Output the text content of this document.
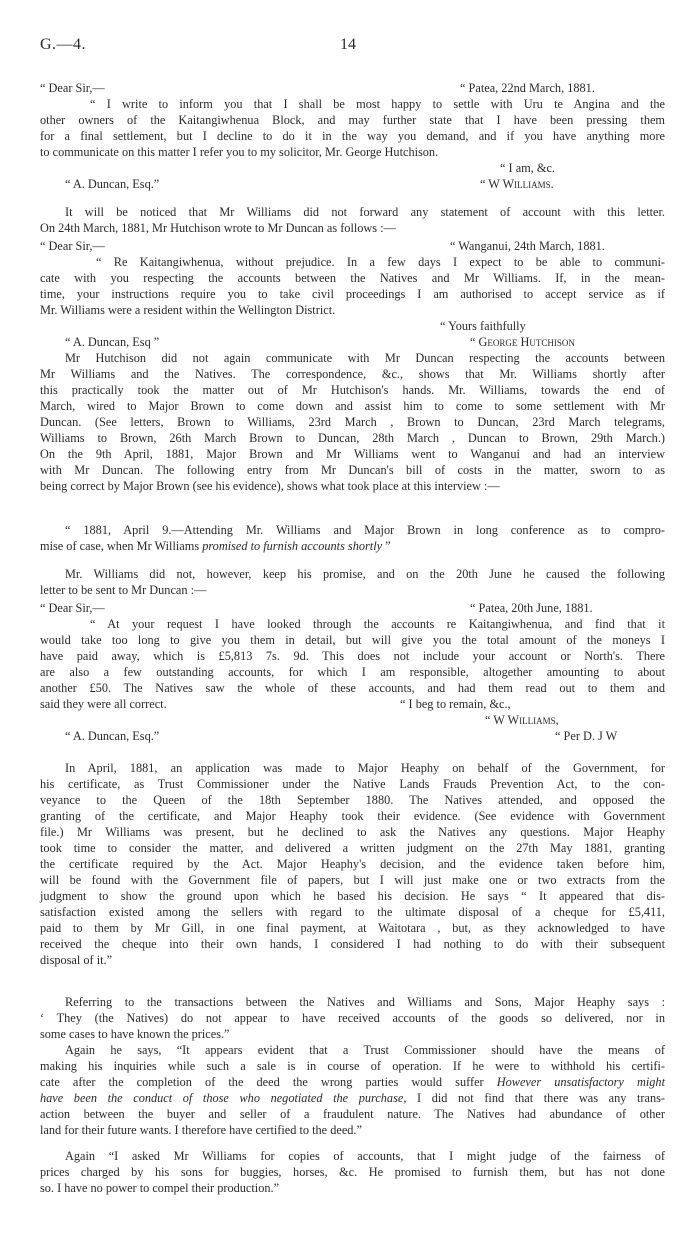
G.—4.	14
“ Dear Sir,—	“ Patea, 22nd March, 1881.
“ I write to inform you that I shall be most happy to settle with Uru te Angina and the
other owners of the Kaitangiwhenua Block, and may further state that I have been pressing them
for a final settlement, but I decline to do it in the way you demand, and if you have anything more
to communicate on this matter I refer you to my solicitor, Mr. George Hutchison.
“ I am, &c.
“ A. Duncan, Esq.”	“ W Williams.
It will be noticed that Mr Williams did not forward any statement of account with this letter.
On 24th March, 1881, Mr Hutchison wrote to Mr Duncan as follows :—
“ Dear Sir,—	“ Wanganui, 24th March, 1881.
“ Re Kaitangiwhenua, without prejudice. In a few days I expect to be able to communi-
cate with you respecting the accounts between the Natives and Mr Williams. If, in the mean-
time, your instructions require you to take civil proceedings I am authorised to accept service as if
Mr. Williams were a resident within the Wellington District.
“ Yours faithfully
“ A. Duncan, Esq ”	“ George Hutchison
Mr Hutchison did not again communicate with Mr Duncan respecting the accounts between
Mr Williams and the Natives. The correspondence, &c., shows that Mr. Williams shortly after
this practically took the matter out of Mr Hutchison's hands. Mr. Williams, towards the end of
March, wired to Major Brown to come down and assist him to come to some settlement with Mr
Duncan. (See letters, Brown to Williams, 23rd March , Brown to Duncan, 23rd March telegrams,
Williams to Brown, 26th March Brown to Duncan, 28th March , Duncan to Brown, 29th March.)
On the 9th April, 1881, Major Brown and Mr Williams went to Wanganui and had an interview
with Mr Duncan. The following entry from Mr Duncan's bill of costs in the matter, sworn to as
being correct by Major Brown (see his evidence), shows what took place at this interview :—
“ 1881, April 9.—Attending Mr. Williams and Major Brown in long conference as to compro-
mise of case, when Mr Williams promised to furnish accounts shortly ”
Mr. Williams did not, however, keep his promise, and on the 20th June he caused the following
letter to be sent to Mr Duncan :—
“ Dear Sir,—	“ Patea, 20th June, 1881.
“ At your request I have looked through the accounts re Kaitangiwhenua, and find that it
would take too long to give you them in detail, but will give you the total amount of the moneys I
have paid away, which is £5,813 7s. 9d. This does not include your account or North's. There
are also a few outstanding accounts, for which I am responsible, altogether amounting to about
another £50. The Natives saw the whole of these accounts, and had them read out to them and
said they were all correct.	“ I beg to remain, &c.,
“ W Williams,
“ A. Duncan, Esq.”	“ Per D. J W
In April, 1881, an application was made to Major Heaphy on behalf of the Government, for
his certificate, as Trust Commissioner under the Native Lands Frauds Prevention Act, to the con-
veyance to the Queen of the 18th September 1880. The Natives attended, and opposed the
granting of the certificate, and Major Heaphy took their evidence. (See evidence with Government
file.) Mr Williams was present, but he declined to ask the Natives any questions. Major Heaphy
took time to consider the matter, and delivered a written judgment on the 27th May 1881, granting
the certificate required by the Act. Major Heaphy's decision, and the evidence taken before him,
will be found with the Government file of papers, but I will just make one or two extracts from the
judgment to show the ground upon which he based his decision. He says “ It appeared that dis-
satisfaction existed among the sellers with regard to the ultimate disposal of a cheque for £5,411,
paid to them by Mr Gill, in one final payment, at Waitotara , but, as they acknowledged to have
received the cheque into their own hands, I considered I had nothing to do with their subsequent
disposal of it.”
Referring to the transactions between the Natives and Williams and Sons, Major Heaphy says :
‘ They (the Natives) do not appear to have received accounts of the goods so delivered, nor in
some cases to have known the prices.”
Again he says, “It appears evident that a Trust Commissioner should have the means of
making his inquiries while such a sale is in course of operation. If he were to withhold his certifi-
cate after the completion of the deed the wrong parties would suffer However unsatisfactory might
have been the conduct of those who negotiated the purchase, I did not find that there was any trans-
action between the buyer and seller of a fraudulent nature. The Natives had abundance of other
land for their future wants. I therefore have certified to the deed.”
Again “I asked Mr Williams for copies of accounts, that I might judge of the fairness of
prices charged by his sons for buggies, horses, &c. He promised to furnish them, but has not done
so. I have no power to compel their production.”
